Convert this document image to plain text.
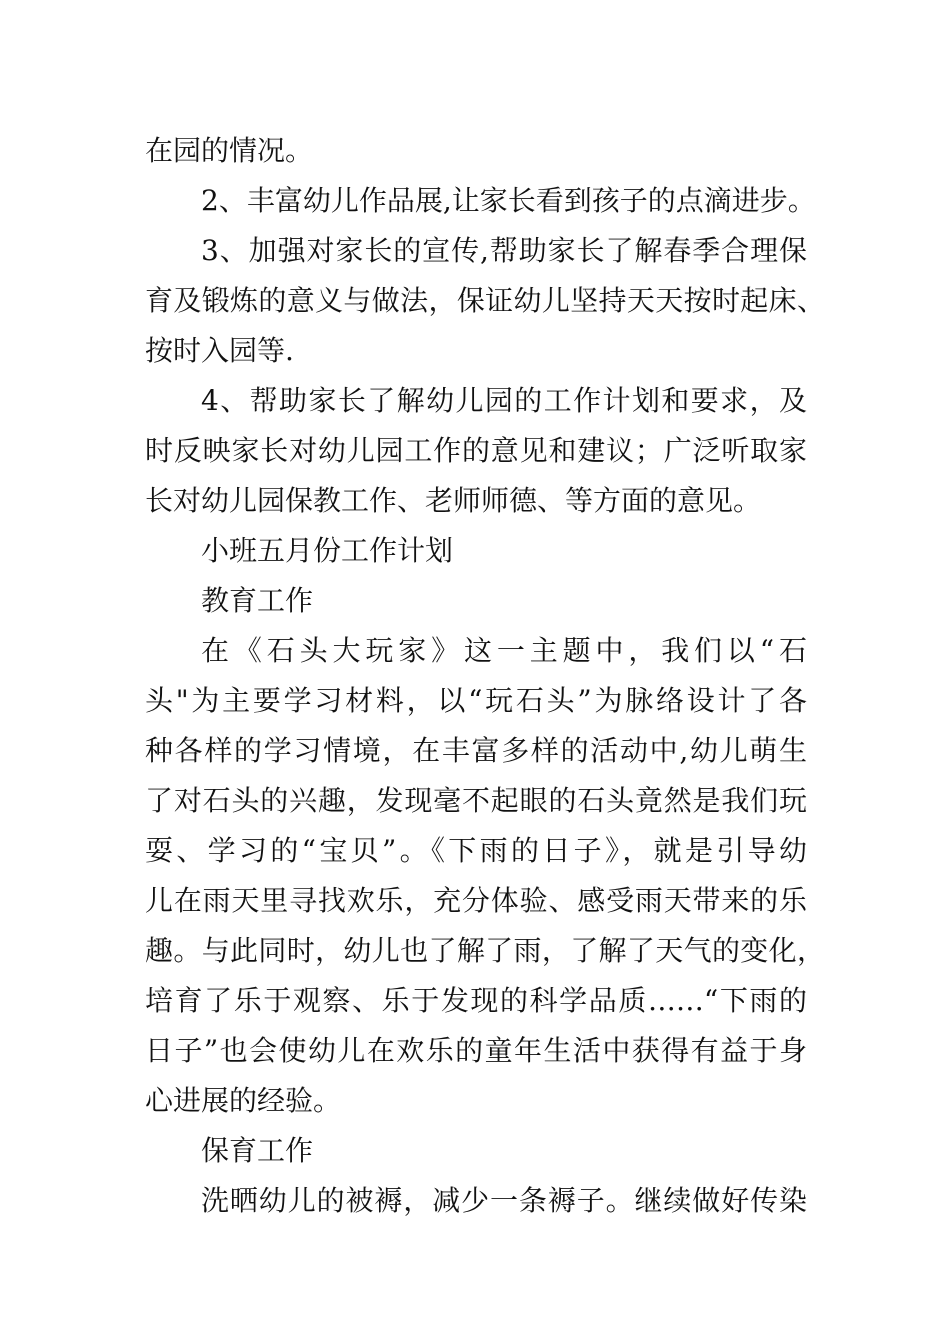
在园的情况。
2、丰富幼儿作品展,让家长看到孩子的点滴进步。
3、加强对家长的宣传,帮助家长了解春季合理保
育及锻炼的意义与做法，保证幼儿坚持天天按时起床、
按时入园等.
4、帮助家长了解幼儿园的工作计划和要求，及
时反映家长对幼儿园工作的意见和建议；广泛听取家
长对幼儿园保教工作、老师师德、等方面的意见。
小班五月份工作计划
教育工作
在《石头大玩家》这一主题中，我们以“石
头"为主要学习材料，以“玩石头”为脉络设计了各
种各样的学习情境，在丰富多样的活动中,幼儿萌生
了对石头的兴趣，发现毫不起眼的石头竟然是我们玩
耍、学习的“宝贝”。《下雨的日子》，就是引导幼
儿在雨天里寻找欢乐，充分体验、感受雨天带来的乐
趣。与此同时，幼儿也了解了雨，了解了天气的变化，
培育了乐于观察、乐于发现的科学品质……“下雨的
日子”也会使幼儿在欢乐的童年生活中获得有益于身
心进展的经验。
保育工作
洗晒幼儿的被褥，减少一条褥子。继续做好传染
